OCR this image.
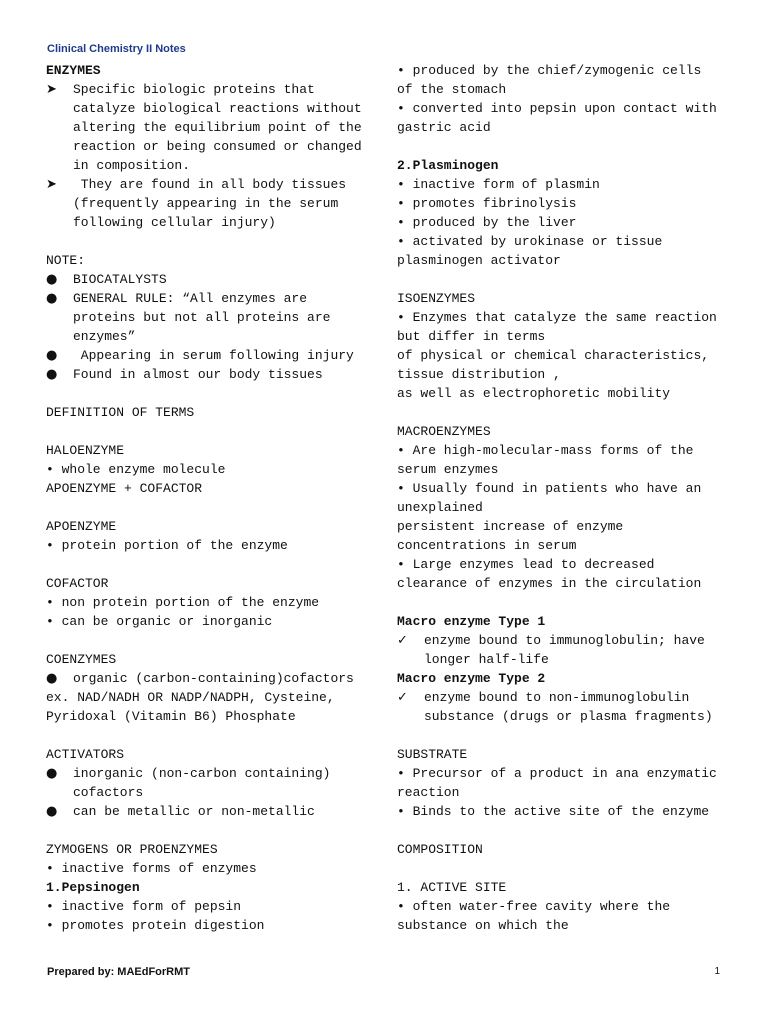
Clinical Chemistry II Notes
ENZYMES
➤	Specific biologic proteins that
catalyze biological reactions without
altering the equilibrium point of the
reaction or being consumed or changed
in composition.
➤	They are found in all body tissues
(frequently appearing in the serum
following cellular injury)
NOTE:
●	BIOCATALYSTS
●	GENERAL RULE: “All enzymes are
proteins but not all proteins are
enzymes”
●	Appearing in serum following injury
●	Found in almost our body tissues
DEFINITION OF TERMS
HALOENZYME
• whole enzyme molecule
APOENZYME + COFACTOR
APOENZYME
• protein portion of the enzyme
COFACTOR
• non protein portion of the enzyme
• can be organic or inorganic
COENZYMES
●	organic (carbon-containing)cofactors
ex. NAD/NADH OR NADP/NADPH, Cysteine,
Pyridoxal (Vitamin B6) Phosphate
ACTIVATORS
●	inorganic (non-carbon containing)
cofactors
●	can be metallic or non-metallic
ZYMOGENS OR PROENZYMES
• inactive forms of enzymes
1.Pepsinogen
• inactive form of pepsin
• promotes protein digestion
• produced by the chief/zymogenic cells
of the stomach
• converted into pepsin upon contact with
gastric acid
2.Plasminogen
• inactive form of plasmin
• promotes fibrinolysis
• produced by the liver
• activated by urokinase or tissue
plasminogen activator
ISOENZYMES
• Enzymes that catalyze the same reaction
but differ in terms
of physical or chemical characteristics,
tissue distribution ,
as well as electrophoretic mobility
MACROENZYMES
• Are high-molecular-mass forms of the
serum enzymes
• Usually found in patients who have an
unexplained
persistent increase of enzyme
concentrations in serum
• Large enzymes lead to decreased
clearance of enzymes in the circulation
Macro enzyme Type 1
✓	enzyme bound to immunoglobulin; have
longer half-life
Macro enzyme Type 2
✓	enzyme bound to non-immunoglobulin
substance (drugs or plasma fragments)
SUBSTRATE
• Precursor of a product in ana enzymatic
reaction
• Binds to the active site of the enzyme
COMPOSITION
1. ACTIVE SITE
• often water-free cavity where the
substance on which the
Prepared by: MAEdForRMT	1
